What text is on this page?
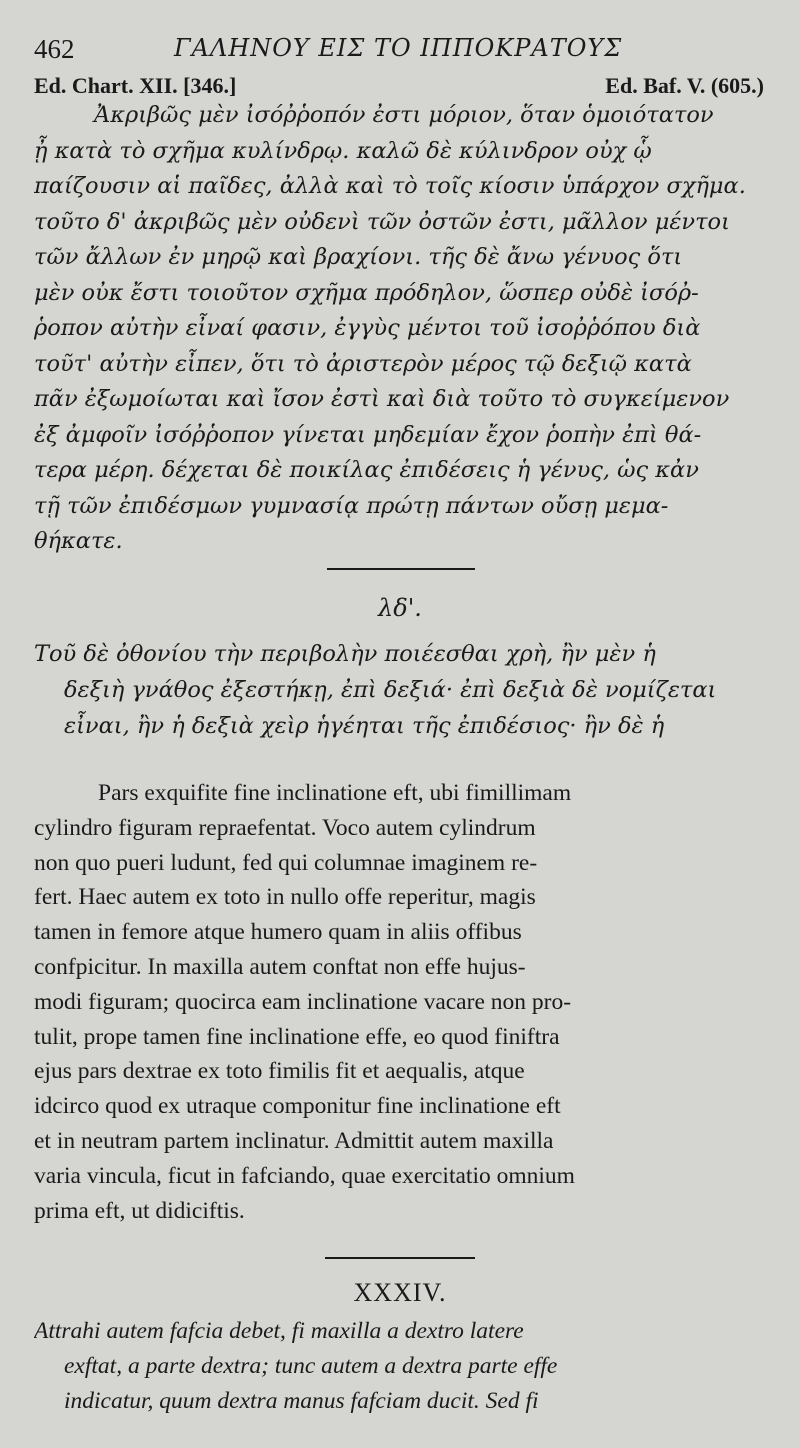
462	ΓΑΛΗΝΟΥ ΕΙΣ ΤΟ ΙΠΠΟΚΡΑΤΟΥΣ
Ed. Chart. XII. [346.]	Ed. Baf. V. (605.)
Ἀκριβῶς μὲν ἰσόῤῥοπόν ἐστι μόριον, ὅταν ὁμοιότατον
ᾖ κατὰ τὸ σχῆμα κυλίνδρῳ. καλῶ δὲ κύλινδρον οὐχ ᾧ
παίζουσιν αἱ παῖδες, ἀλλὰ καὶ τὸ τοῖς κίοσιν ὑπάρχον σχῆμα.
τοῦτο δ' ἀκριβῶς μὲν οὐδενὶ τῶν ὀστῶν ἐστι, μᾶλλον μέντοι
τῶν ἄλλων ἐν μηρῷ καὶ βραχίονι. τῆς δὲ ἄνω γένυος ὅτι
μὲν οὐκ ἔστι τοιοῦτον σχῆμα πρόδηλον, ὥσπερ οὐδὲ ἰσόῤ-
ῥοπον αὐτὴν εἶναί φασιν, ἐγγὺς μέντοι τοῦ ἰσοῤῥόπου διὰ
τοῦτ' αὐτὴν εἶπεν, ὅτι τὸ ἀριστερὸν μέρος τῷ δεξιῷ κατὰ
πᾶν ἐξωμοίωται καὶ ἴσον ἐστὶ καὶ διὰ τοῦτο τὸ συγκείμενον
ἐξ ἀμφοῖν ἰσόῤῥοπον γίνεται μηδεμίαν ἔχον ῥοπὴν ἐπὶ θά-
τερα μέρη. δέχεται δὲ ποικίλας ἐπιδέσεις ἡ γένυς, ὡς κἀν
τῇ τῶν ἐπιδέσμων γυμνασίᾳ πρώτῃ πάντων οὔσῃ μεμα-
θήκατε.
λδ'.
Τοῦ δὲ ὀθονίου τὴν περιβολὴν ποιέεσθαι χρὴ, ἢν μὲν ἡ
δεξιὴ γνάθος ἐξεστήκῃ, ἐπὶ δεξιά· ἐπὶ δεξιὰ δὲ νομίζεται
εἶναι, ἢν ἡ δεξιὰ χεὶρ ἡγέηται τῆς ἐπιδέσιος· ἢν δὲ ἡ
Pars exquifite fine inclinatione eft, ubi fimillimam
cylindro figuram repraefentat. Voco autem cylindrum
non quo pueri ludunt, fed qui columnae imaginem re-
fert. Haec autem ex toto in nullo offe reperitur, magis
tamen in femore atque humero quam in aliis offibus
confpicitur. In maxilla autem conftat non effe hujus-
modi figuram; quocirca eam inclinatione vacare non pro-
tulit, prope tamen fine inclinatione effe, eo quod finiftra
ejus pars dextrae ex toto fimilis fit et aequalis, atque
idcirco quod ex utraque componitur fine inclinatione eft
et in neutram partem inclinatur. Admittit autem maxilla
varia vincula, ficut in fafciando, quae exercitatio omnium
prima eft, ut didiciftis.
XXXIV.
Attrahi autem fafcia debet, fi maxilla a dextro latere
exftat, a parte dextra; tunc autem a dextra parte effe
indicatur, quum dextra manus fafciam ducit. Sed fi
